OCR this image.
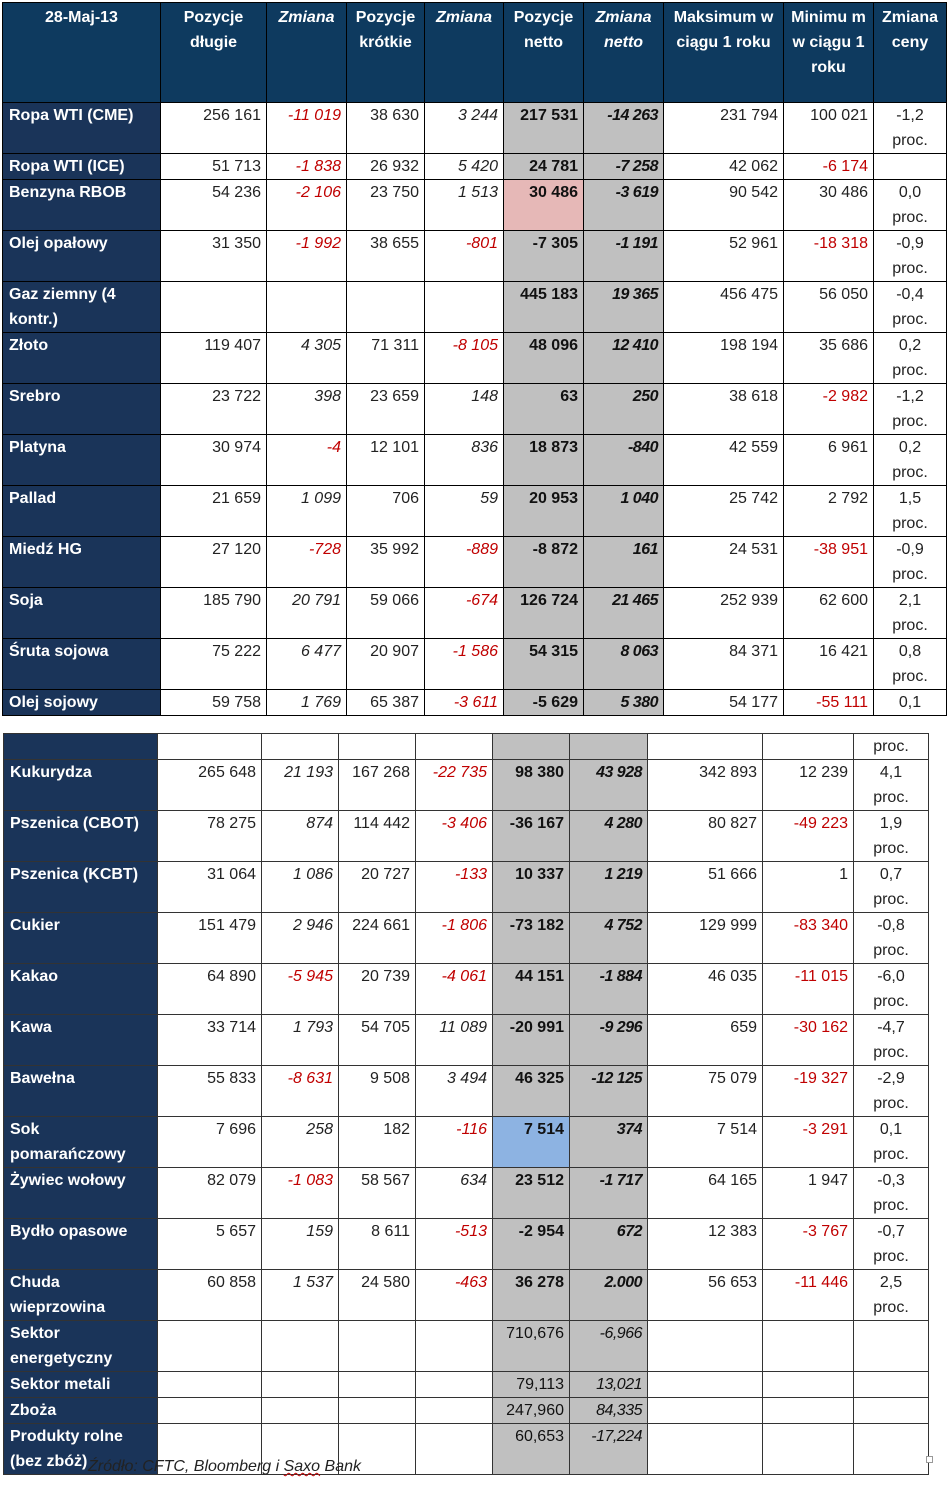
28-Maj-13	Pozycje długie	Zmiana	Pozycje krótkie	Zmiana	Pozycje netto	Zmiana netto	Maksimum w ciągu 1 roku	Minimu m w ciągu 1 roku	Zmiana ceny
Ropa WTI (CME)	256 161	-11 019	38 630	3 244	217 531	-14 263	231 794	100 021	-1,2
proc.
Ropa WTI (ICE)	51 713	-1 838	26 932	5 420	24 781	-7 258	42 062	-6 174	

Benzyna RBOB	54 236	-2 106	23 750	1 513	30 486	-3 619	90 542	30 486	0,0
proc.
Olej opałowy	31 350	-1 992	38 655	-801	-7 305	-1 191	52 961	-18 318	-0,9
proc.
Gaz ziemny (4 kontr.)					445 183	19 365	456 475	56 050	-0,4
proc.
Złoto	119 407	4 305	71 311	-8 105	48 096	12 410	198 194	35 686	0,2
proc.
Srebro	23 722	398	23 659	148	63	250	38 618	-2 982	-1,2
proc.
Platyna	30 974	-4	12 101	836	18 873	-840	42 559	6 961	0,2
proc.
Pallad	21 659	1 099	706	59	20 953	1 040	25 742	2 792	1,5
proc.
Miedź HG	27 120	-728	35 992	-889	-8 872	161	24 531	-38 951	-0,9
proc.
Soja	185 790	20 791	59 066	-674	126 724	21 465	252 939	62 600	2,1
proc.
Śruta sojowa	75 222	6 477	20 907	-1 586	54 315	8 063	84 371	16 421	0,8
proc.
Olej sojowy	59 758	1 769	65 387	-3 611	-5 629	5 380	54 177	-55 111	0,1

									proc.
Kukurydza	265 648	21 193	167 268	-22 735	98 380	43 928	342 893	12 239	4,1
proc.
Pszenica (CBOT)	78 275	874	114 442	-3 406	-36 167	4 280	80 827	-49 223	1,9
proc.
Pszenica (KCBT)	31 064	1 086	20 727	-133	10 337	1 219	51 666	1	0,7
proc.
Cukier	151 479	2 946	224 661	-1 806	-73 182	4 752	129 999	-83 340	-0,8
proc.
Kakao	64 890	-5 945	20 739	-4 061	44 151	-1 884	46 035	-11 015	-6,0
proc.
Kawa	33 714	1 793	54 705	11 089	-20 991	-9 296	659	-30 162	-4,7
proc.
Bawełna	55 833	-8 631	9 508	3 494	46 325	-12 125	75 079	-19 327	-2,9
proc.
Sok pomarańczowy	7 696	258	182	-116	7 514	374	7 514	-3 291	0,1
proc.
Żywiec wołowy	82 079	-1 083	58 567	634	23 512	-1 717	64 165	1 947	-0,3
proc.
Bydło opasowe	5 657	159	8 611	-513	-2 954	672	12 383	-3 767	-0,7
proc.
Chuda wieprzowina	60 858	1 537	24 580	-463	36 278	2.000	56 653	-11 446	2,5
proc.
Sektor energetyczny					710,676	-6,966			
Sektor metali					79,113	13,021			
Zboża					247,960	84,335			
Produkty rolne (bez zbóż)					60,653	-17,224			
Źródło: CFTC, Bloomberg i Saxo Bank
